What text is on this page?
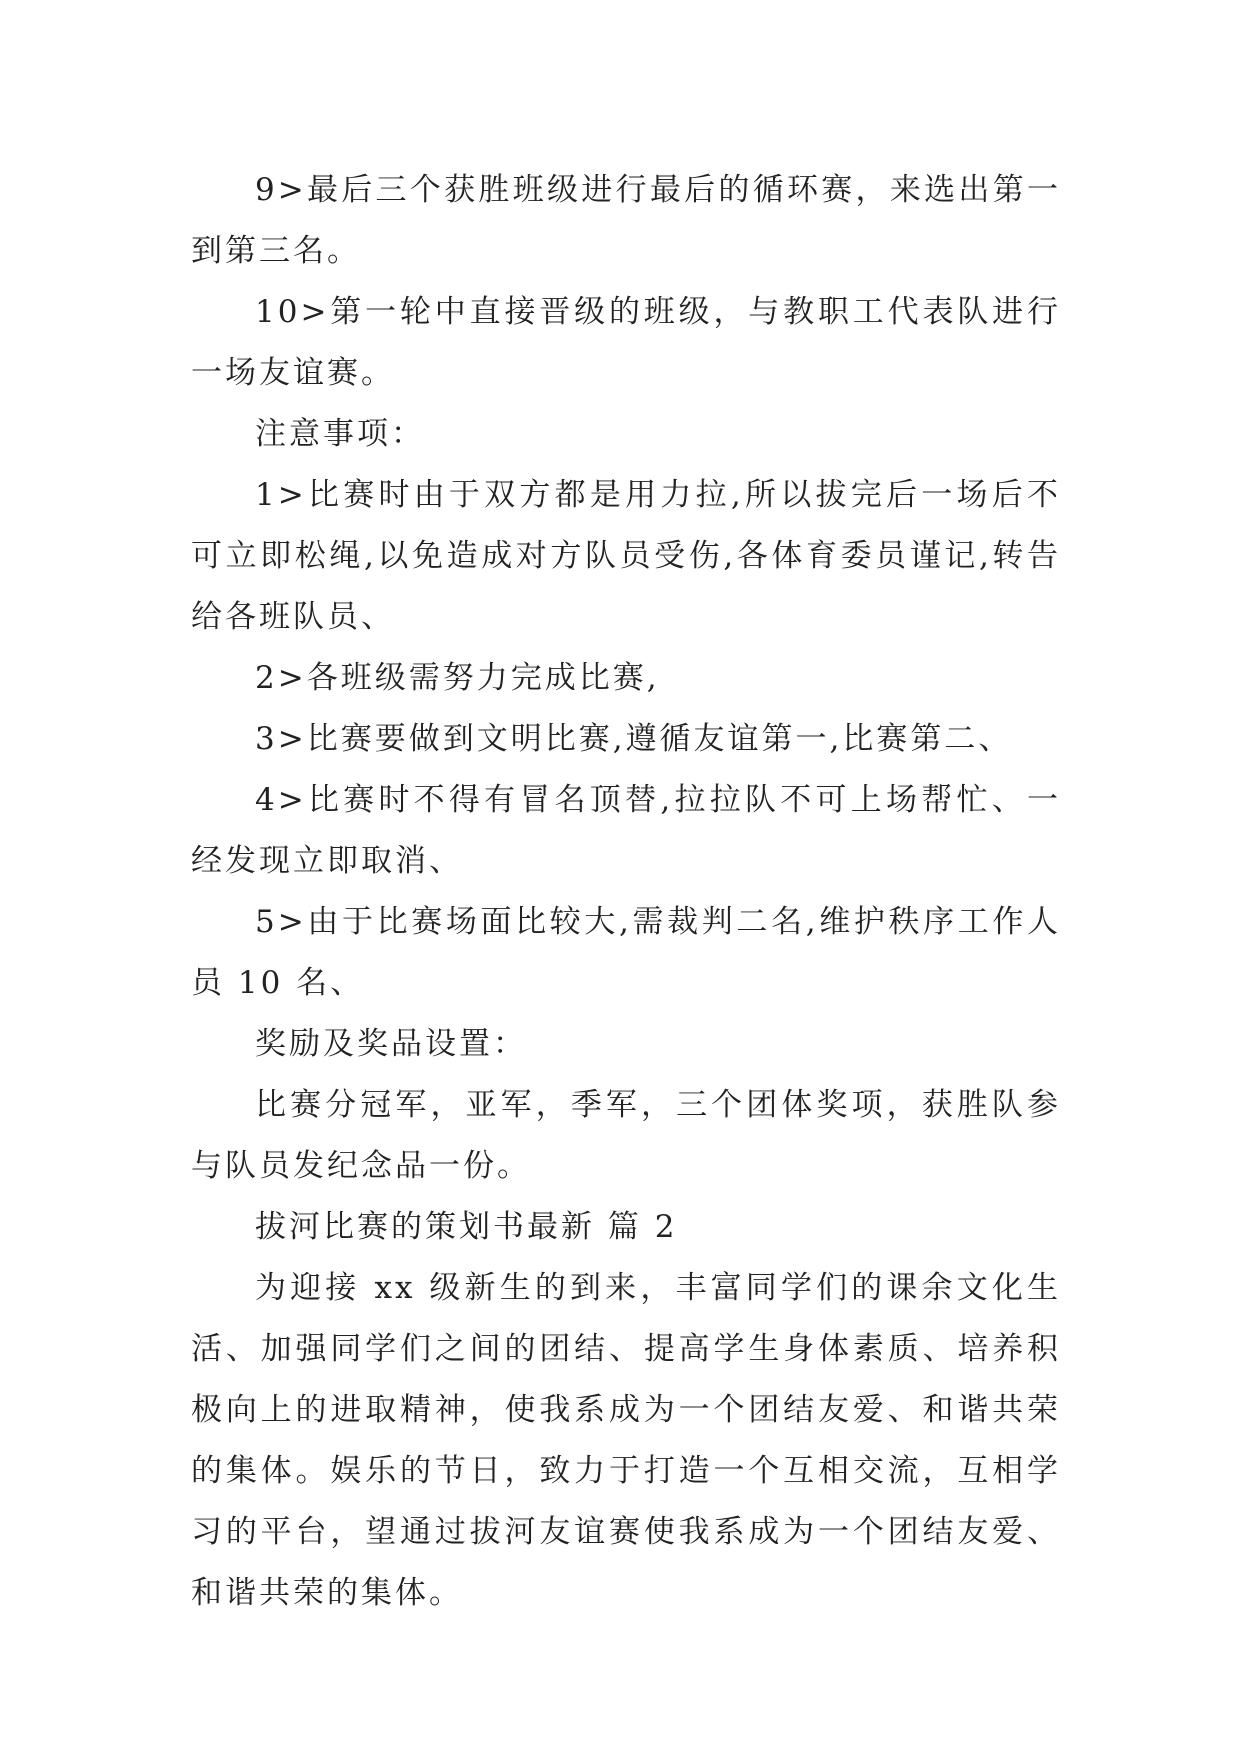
9>最后三个获胜班级进行最后的循环赛，来选出第一到第三名。

10>第一轮中直接晋级的班级，与教职工代表队进行一场友谊赛。

注意事项：

1>比赛时由于双方都是用力拉,所以拔完后一场后不可立即松绳,以免造成对方队员受伤,各体育委员谨记,转告给各班队员、

2>各班级需努力完成比赛,

3>比赛要做到文明比赛,遵循友谊第一,比赛第二、

4>比赛时不得有冒名顶替,拉拉队不可上场帮忙、一经发现立即取消、

5>由于比赛场面比较大,需裁判二名,维护秩序工作人员 10 名、

奖励及奖品设置：

比赛分冠军，亚军，季军，三个团体奖项，获胜队参与队员发纪念品一份。

拔河比赛的策划书最新 篇 2

为迎接 xx 级新生的到来，丰富同学们的课余文化生活、加强同学们之间的团结、提高学生身体素质、培养积极向上的进取精神，使我系成为一个团结友爱、和谐共荣的集体。娱乐的节日，致力于打造一个互相交流，互相学习的平台，望通过拔河友谊赛使我系成为一个团结友爱、和谐共荣的集体。
